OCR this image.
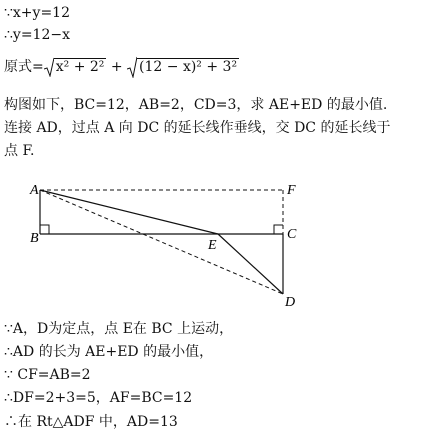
∵x+y=12
∴y=12−x
原式= x² + 2² + (12 − x)² + 3²
构图如下，BC=12，AB=2，CD=3，求 AE+ED 的最小值.
连接 AD，过点 A 向 DC 的延长线作垂线，交 DC 的延长线于
点 F.
A
B	C
D
E
F
∵A，D为定点，点 E在 BC 上运动，
∴AD 的长为 AE+ED 的最小值，
∵ CF=AB=2
∴DF=2+3=5，AF=BC=12
∴在 Rt△ADF 中，AD=13
